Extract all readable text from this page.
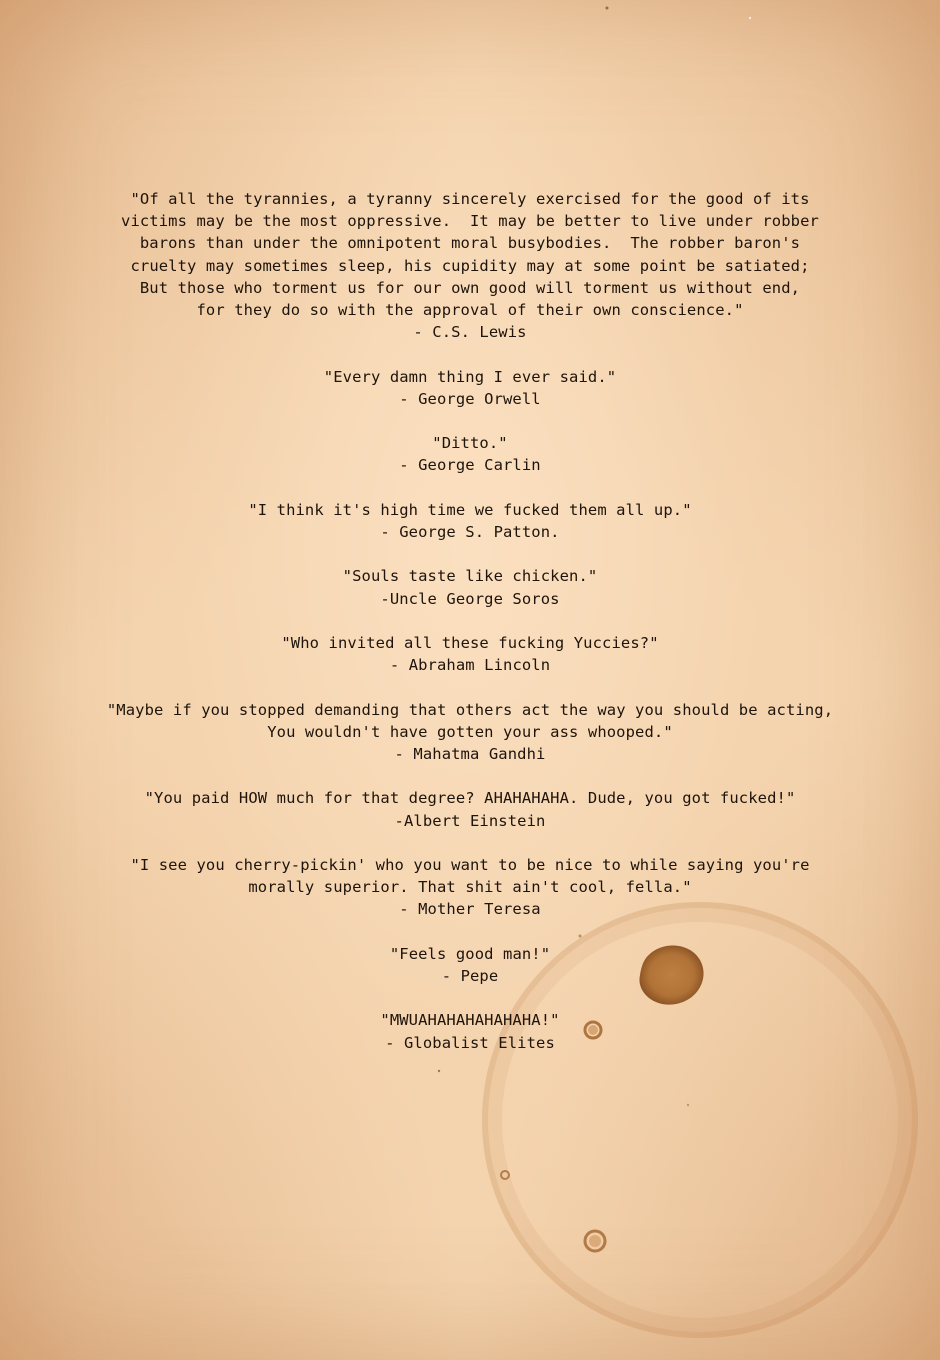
"Of all the tyrannies, a tyranny sincerely exercised for the good of its
victims may be the most oppressive.  It may be better to live under robber
barons than under the omnipotent moral busybodies.  The robber baron's
cruelty may sometimes sleep, his cupidity may at some point be satiated;
But those who torment us for our own good will torment us without end,
for they do so with the approval of their own conscience."
- C.S. Lewis
"Every damn thing I ever said."
- George Orwell
"Ditto."
- George Carlin
"I think it's high time we fucked them all up."
- George S. Patton.
"Souls taste like chicken."
-Uncle George Soros
"Who invited all these fucking Yuccies?"
- Abraham Lincoln
"Maybe if you stopped demanding that others act the way you should be acting,
You wouldn't have gotten your ass whooped."
- Mahatma Gandhi
"You paid HOW much for that degree? AHAHAHAHA. Dude, you got fucked!"
-Albert Einstein
"I see you cherry-pickin' who you want to be nice to while saying you're
morally superior. That shit ain't cool, fella."
- Mother Teresa
"Feels good man!"
- Pepe
"MWUAHAHAHAHAHAHA!"
- Globalist Elites
